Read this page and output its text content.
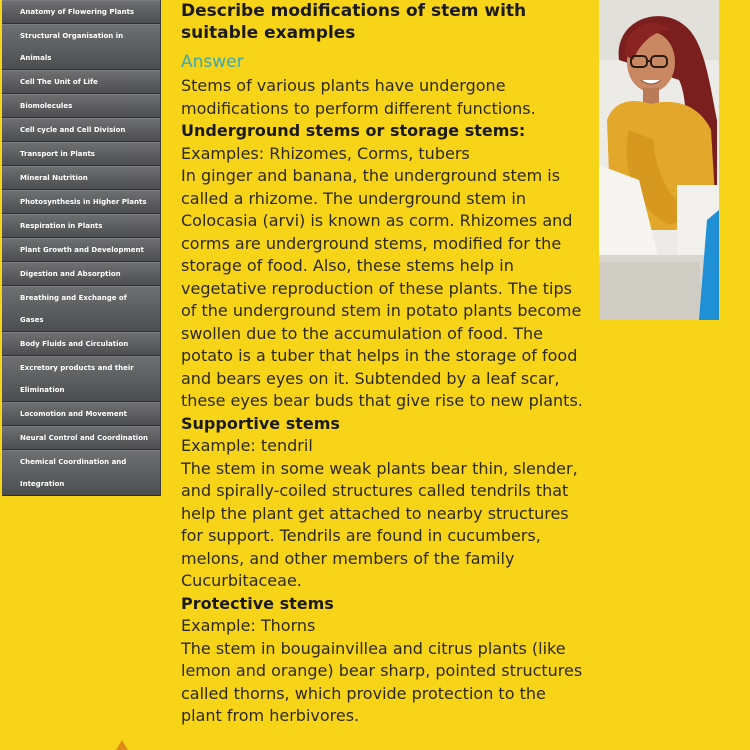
Anatomy of Flowering Plants
Structural Organisation in
Animals
Cell The Unit of Life
Biomolecules
Cell cycle and Cell Division
Transport in Plants
Mineral Nutrition
Photosynthesis in Higher Plants
Respiration in Plants
Plant Growth and Development
Digestion and Absorption
Breathing and Exchange of
Gases
Body Fluids and Circulation
Excretory products and their
Elimination
Locomotion and Movement
Neural Control and Coordination
Chemical Coordination and
Integration
Describe modifications of stem with suitable examples
Answer

Stems of various plants have undergone modifications to perform different functions.

Underground stems or storage stems:

Examples: Rhizomes, Corms, tubers

In ginger and banana, the underground stem is called a rhizome. The underground stem in Colocasia (arvi) is known as corm. Rhizomes and corms are underground stems, modified for the storage of food. Also, these stems help in vegetative reproduction of these plants. The tips of the underground stem in potato plants become swollen due to the accumulation of food. The potato is a tuber that helps in the storage of food and bears eyes on it. Subtended by a leaf scar, these eyes bear buds that give rise to new plants.

Supportive stems

Example: tendril

The stem in some weak plants bear thin, slender, and spirally-coiled structures called tendrils that help the plant get attached to nearby structures for support. Tendrils are found in cucumbers, melons, and other members of the family Cucurbitaceae.

Protective stems

Example: Thorns

The stem in bougainvillea and citrus plants (like lemon and orange) bear sharp, pointed structures called thorns, which provide protection to the plant from herbivores.
